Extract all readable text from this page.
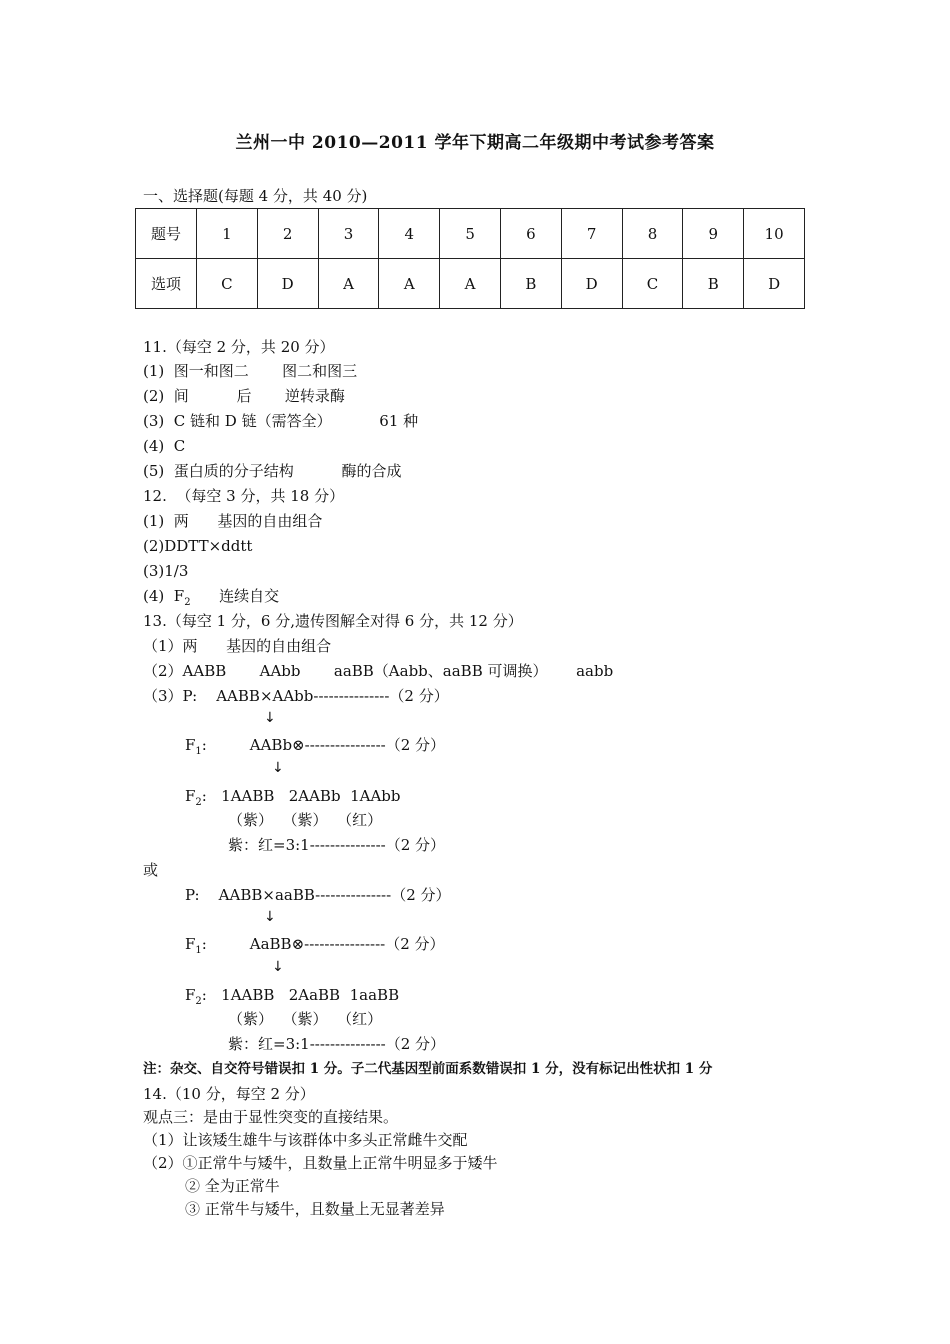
兰州一中 2010—2011 学年下期高二年级期中考试参考答案
一、选择题(每题 4 分，共 40 分)
题号	1	2	3	4	5	6	7	8	9	10
选项	C	D	A	A	A	B	D	C	B	D
11.（每空 2 分，共 20 分）
(1)  图一和图二       图二和图三
(2)  间          后       逆转录酶
(3)  C 链和 D 链（需答全）          61 种
(4)  C
(5)  蛋白质的分子结构          酶的合成
12.  （每空 3 分，共 18 分）
(1)  两      基因的自由组合
(2)DDTT×ddtt
(3)1/3
(4)  $F_2$      连续自交
13.（每空 1 分，6 分,遗传图解全对得 6 分，共 12 分）
（1）两      基因的自由组合
（2）AABB       AAbb       aaBB（Aabb、aaBB 可调换）      aabb
（3）P:    AABB×AAbb---------------（2 分）
↓
$F_1$:         AABb⊗----------------（2 分）
↓
$F_2$:   1AABB   2AABb  1AAbb
（紫）  （紫）  （红）
紫：红=3:1---------------（2 分）
或
P:    AABB×aaBB---------------（2 分）
↓
$F_1$:         AaBB⊗----------------（2 分）
↓
$F_2$:   1AABB   2AaBB  1aaBB
（紫）  （紫）  （红）
紫：红=3:1---------------（2 分）
注：杂交、自交符号错误扣 1 分。子二代基因型前面系数错误扣 1 分，没有标记出性状扣 1 分
14.（10 分，每空 2 分）
观点三：是由于显性突变的直接结果。
（1）让该矮生雄牛与该群体中多头正常雌牛交配
（2）①正常牛与矮牛，且数量上正常牛明显多于矮牛
② 全为正常牛
③ 正常牛与矮牛，且数量上无显著差异
